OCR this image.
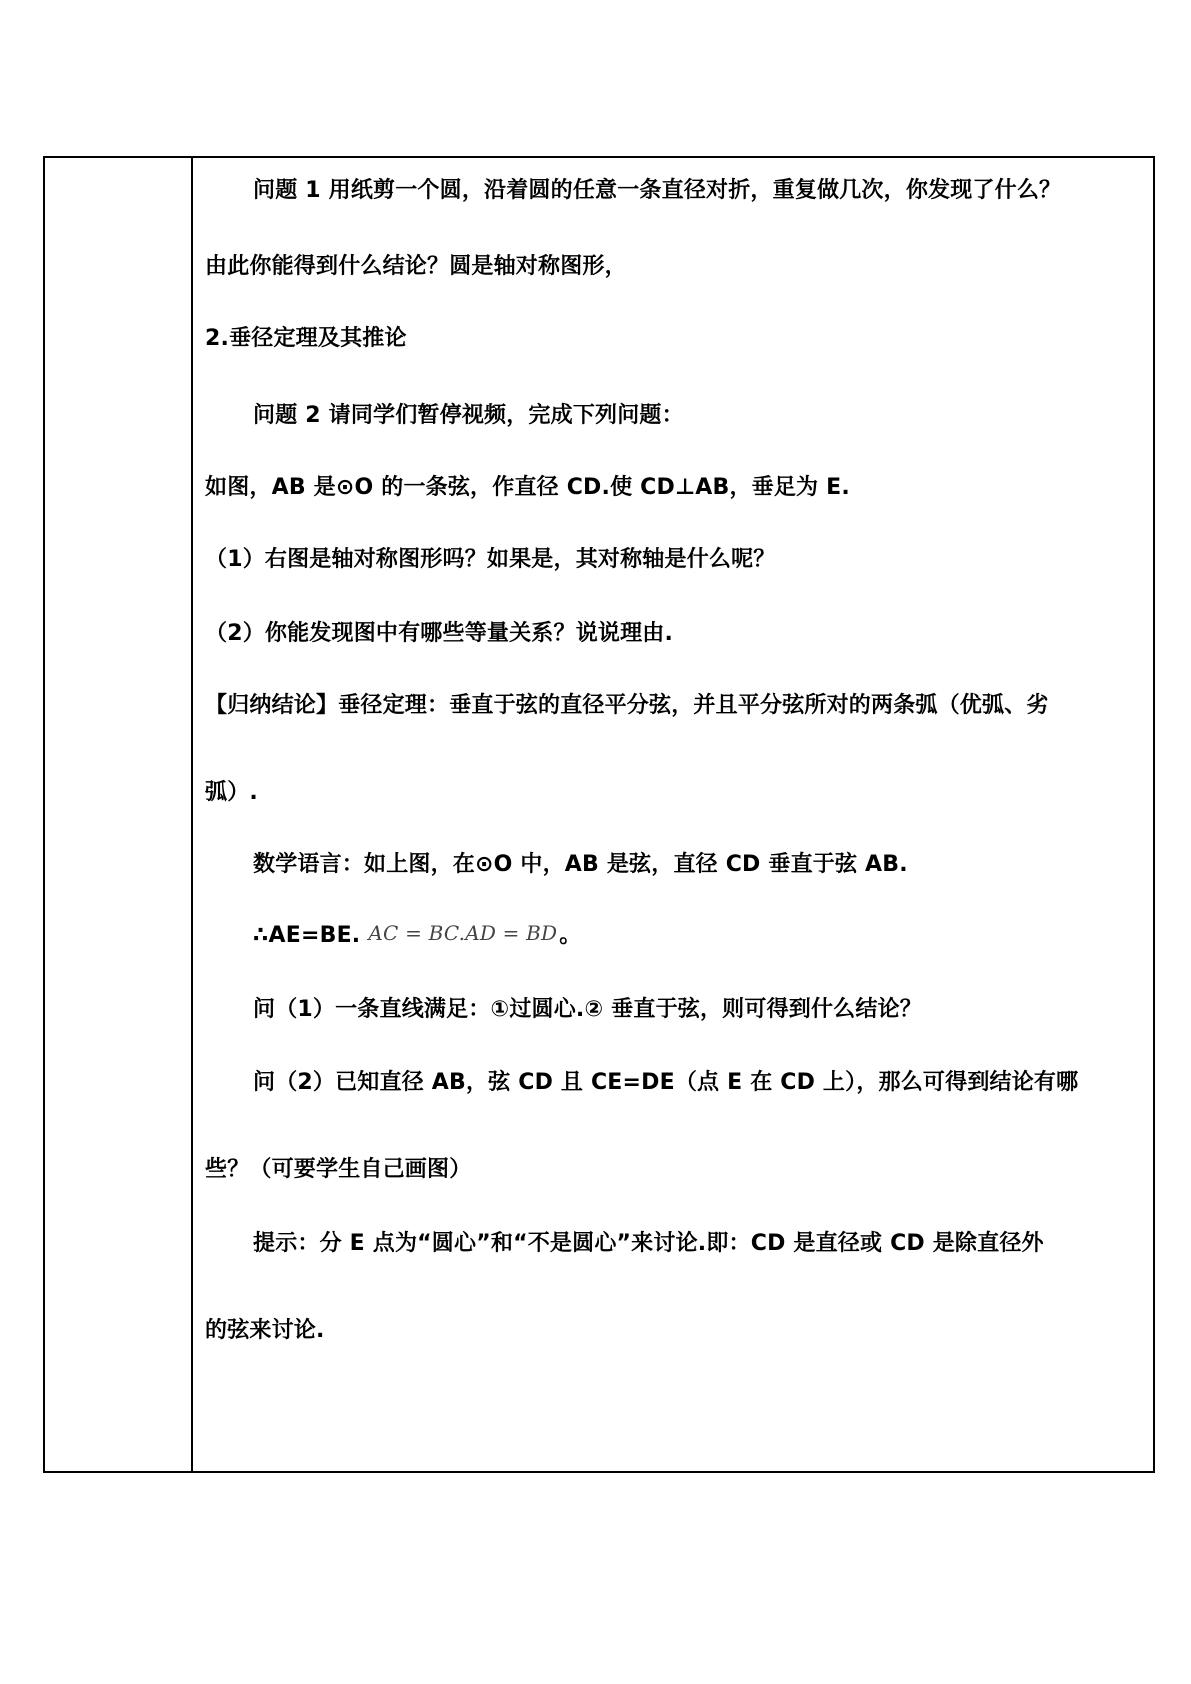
问题 1 用纸剪一个圆，沿着圆的任意一条直径对折，重复做几次，你发现了什么？
由此你能得到什么结论？圆是轴对称图形，
2.垂径定理及其推论
问题 2 请同学们暂停视频，完成下列问题：
如图，AB 是⊙O 的一条弦，作直径 CD.使 CD⊥AB，垂足为 E.
（1）右图是轴对称图形吗？如果是，其对称轴是什么呢？
（2）你能发现图中有哪些等量关系？说说理由.
【归纳结论】垂径定理：垂直于弦的直径平分弦，并且平分弦所对的两条弧（优弧、劣
弧）.
数学语言：如上图，在⊙O 中，AB 是弦，直径 CD 垂直于弦 AB.
∴AE=BE. AC = BC.AD = BD。
问（1）一条直线满足：①过圆心.② 垂直于弦，则可得到什么结论？
问（2）已知直径 AB，弦 CD 且 CE=DE（点 E 在 CD 上），那么可得到结论有哪
些？（可要学生自己画图）
提示：分 E 点为“圆心”和“不是圆心”来讨论.即：CD 是直径或 CD 是除直径外
的弦来讨论.
